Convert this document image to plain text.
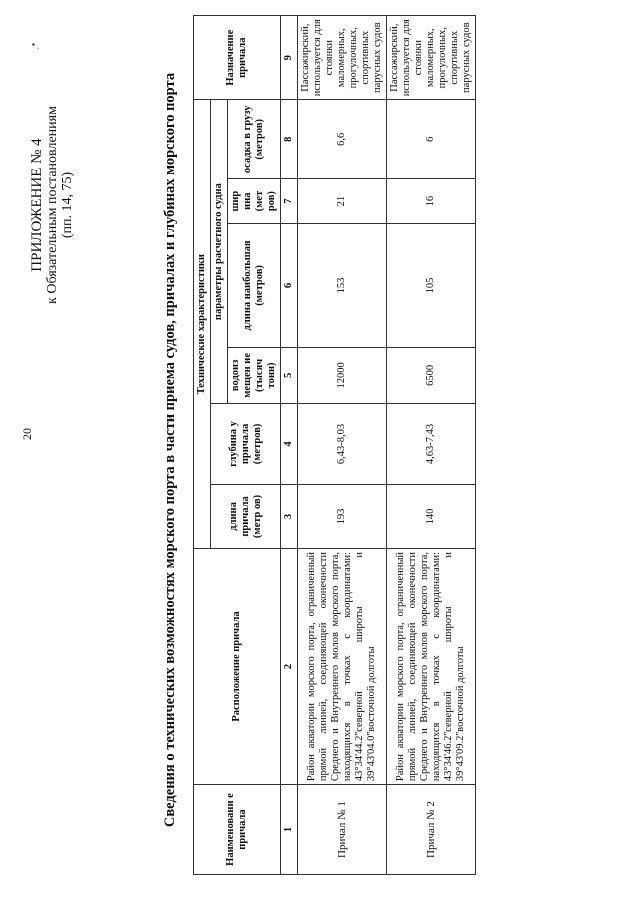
▪ ˏ
20
ПРИЛОЖЕНИЕ № 4 к Обязательным постановлениям (пп. 14, 75)	Сведения о технических возможностях морского порта в части приема судов, причалах и глубинах морского порта
Наименовани е причала	Расположение причала	Технические характеристики						Назначение причала
		длина причала (метр ов)	глубина у причала (метров)	параметры расчетного судна				
				водоиз мещен ие (тысяч тонн)	длина наибольшая (метров)	шир ина (мет ров)	осадка в грузу (метров)	
1	2	3	4	5	6	7	8	9
Причал № 1	Район акватории морского порта, ограниченный прямой линией, соединяющей оконечности Среднего и Внутреннего молов морского порта, находящихся в точках с координатами: 43°34'44.2''северной широты и 39°43'04.0''восточной долготы	193	6,43-8,03	12000	153	21	6,6	Пассажирский, используется для стоянки маломерных, прогулочных, спортивных парусных судов
Причал № 2	Район акватории морского порта, ограниченный прямой линией, соединяющей оконечности Среднего и Внутреннего молов морского порта, находящихся в точках с координатами: 43°34'46.2''северной широты и 39°43'09.2''восточной долготы	140	4,63-7,43	6500	105	16	6	Пассажирский, используется для стоянки маломерных, прогулочных, спортивных парусных судов
